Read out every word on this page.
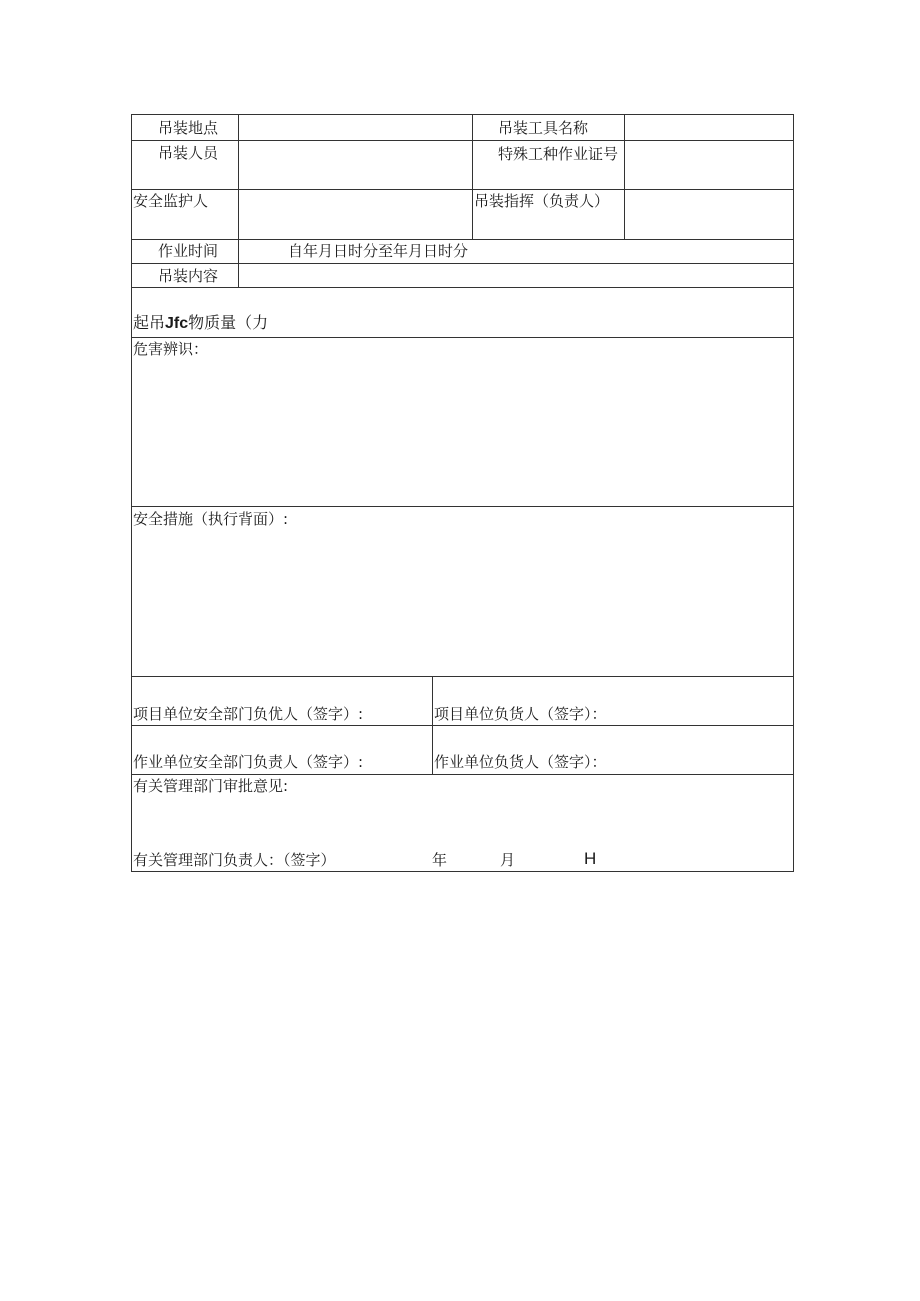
吊装地点	吊装工具名称
吊装人员	特殊工种作业证号
安全监护人	吊装指挥（负责人）
作业时间	自年月日时分至年月日时分
吊装内容
起吊Jfc物质量（力
危害辨识：
安全措施（执行背面）:
项目单位安全部门负优人（签字）:	项目单位负货人（签字）：
作业单位安全部门负责人（签字）:	作业单位负货人（签字）：
有关管理部门审批意见:
有关管理部门负责人：（签字）	年	月	H
